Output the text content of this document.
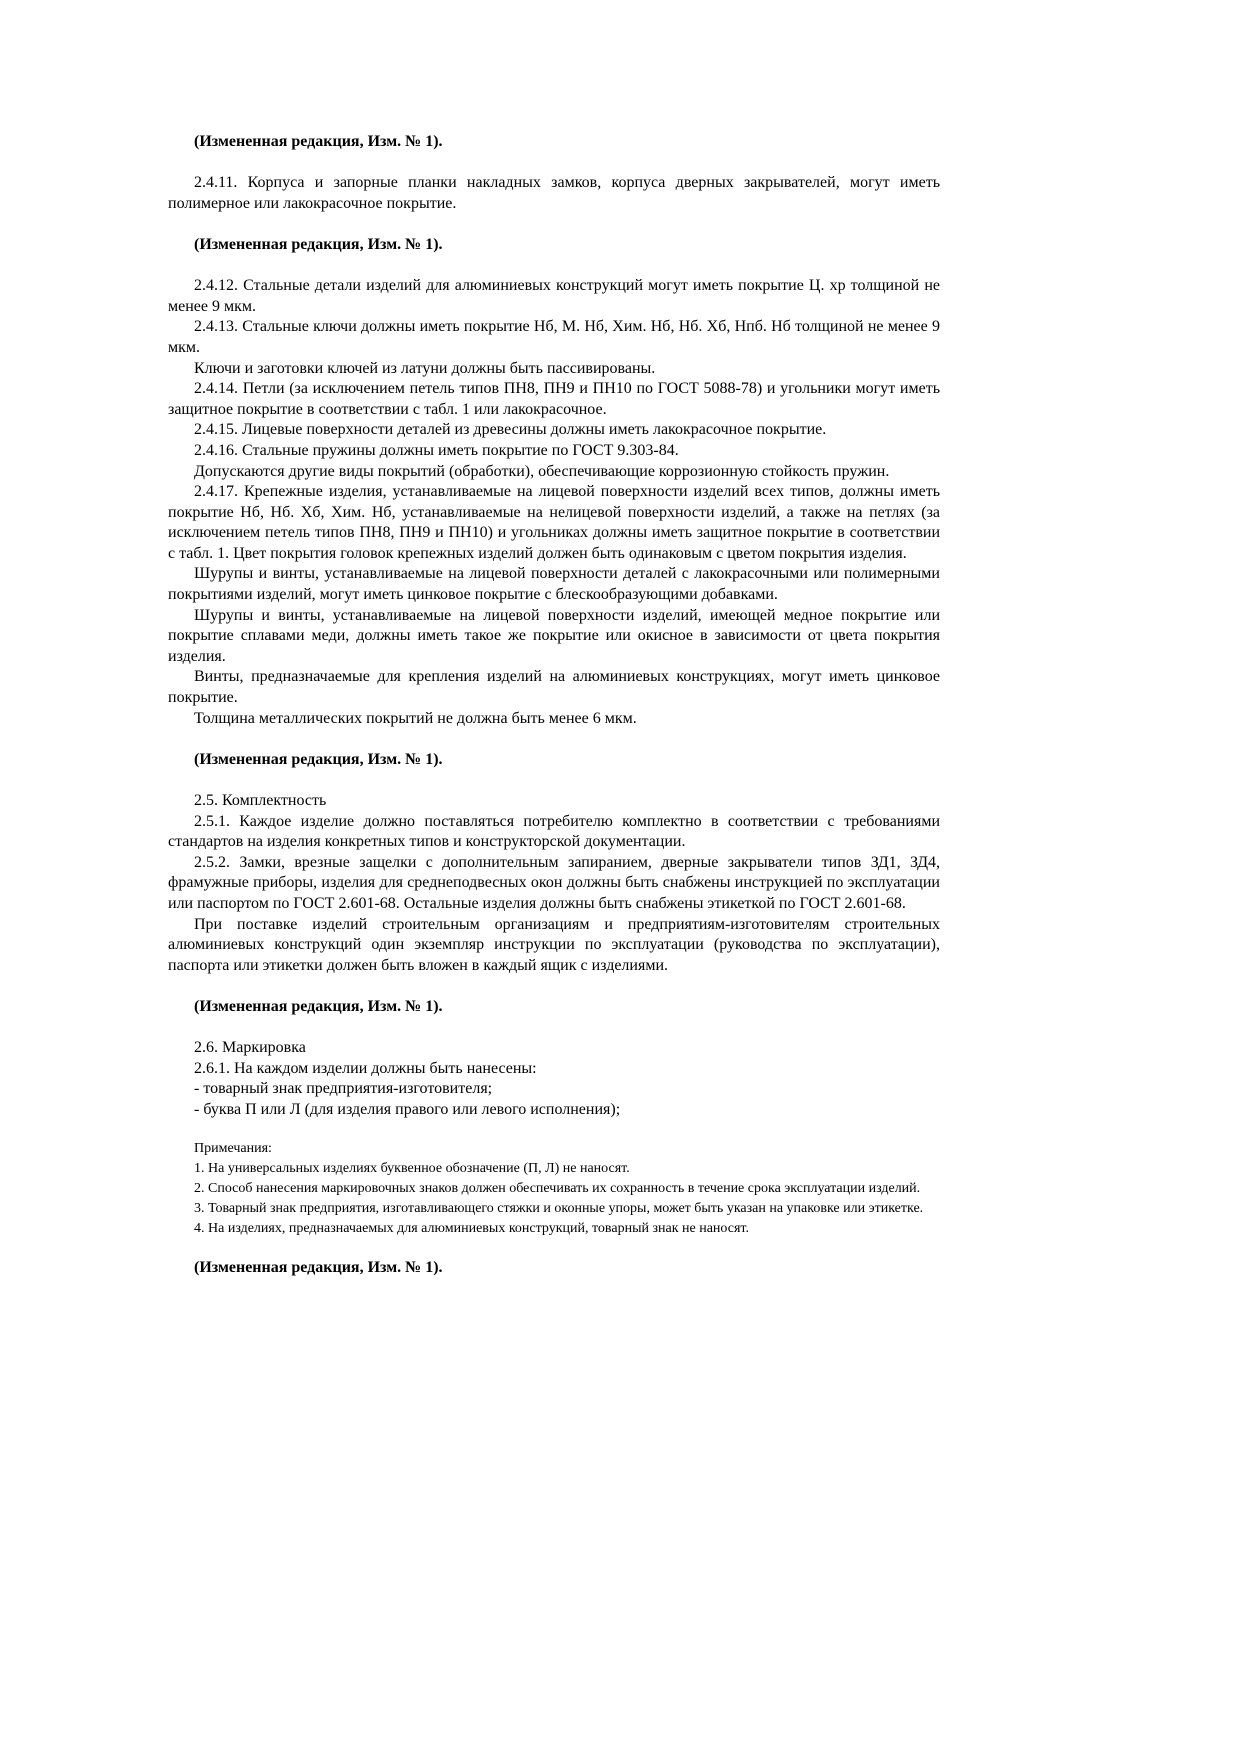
(Измененная редакция, Изм. № 1).

2.4.11. Корпуса и запорные планки накладных замков, корпуса дверных закрывателей, могут иметь полимерное или лакокрасочное покрытие.

(Измененная редакция, Изм. № 1).

2.4.12. Стальные детали изделий для алюминиевых конструкций могут иметь покрытие Ц. хр толщиной не менее 9 мкм.

2.4.13. Стальные ключи должны иметь покрытие Нб, М. Нб, Хим. Нб, Нб. Хб, Нпб. Нб толщиной не менее 9 мкм.

Ключи и заготовки ключей из латуни должны быть пассивированы.

2.4.14. Петли (за исключением петель типов ПН8, ПН9 и ПН10 по ГОСТ 5088-78) и угольники могут иметь защитное покрытие в соответствии с табл. 1 или лакокрасочное.

2.4.15. Лицевые поверхности деталей из древесины должны иметь лакокрасочное покрытие.

2.4.16. Стальные пружины должны иметь покрытие по ГОСТ 9.303-84.

Допускаются другие виды покрытий (обработки), обеспечивающие коррозионную стойкость пружин.

2.4.17. Крепежные изделия, устанавливаемые на лицевой поверхности изделий всех типов, должны иметь покрытие Нб, Нб. Хб, Хим. Нб, устанавливаемые на нелицевой поверхности изделий, а также на петлях (за исключением петель типов ПН8, ПН9 и ПН10) и угольниках должны иметь защитное покрытие в соответствии с табл. 1. Цвет покрытия головок крепежных изделий должен быть одинаковым с цветом покрытия изделия.

Шурупы и винты, устанавливаемые на лицевой поверхности деталей с лакокрасочными или полимерными покрытиями изделий, могут иметь цинковое покрытие с блескообразующими добавками.

Шурупы и винты, устанавливаемые на лицевой поверхности изделий, имеющей медное покрытие или покрытие сплавами меди, должны иметь такое же покрытие или окисное в зависимости от цвета покрытия изделия.

Винты, предназначаемые для крепления изделий на алюминиевых конструкциях, могут иметь цинковое покрытие.

Толщина металлических покрытий не должна быть менее 6 мкм.

(Измененная редакция, Изм. № 1).

2.5. Комплектность

2.5.1. Каждое изделие должно поставляться потребителю комплектно в соответствии с требованиями стандартов на изделия конкретных типов и конструкторской документации.

2.5.2. Замки, врезные защелки с дополнительным запиранием, дверные закрыватели типов ЗД1, ЗД4, фрамужные приборы, изделия для среднеподвесных окон должны быть снабжены инструкцией по эксплуатации или паспортом по ГОСТ 2.601-68. Остальные изделия должны быть снабжены этикеткой по ГОСТ 2.601-68.

При поставке изделий строительным организациям и предприятиям-изготовителям строительных алюминиевых конструкций один экземпляр инструкции по эксплуатации (руководства по эксплуатации), паспорта или этикетки должен быть вложен в каждый ящик с изделиями.

(Измененная редакция, Изм. № 1).

2.6. Маркировка

2.6.1. На каждом изделии должны быть нанесены:

- товарный знак предприятия-изготовителя;

- буква П или Л (для изделия правого или левого исполнения);

Примечания:

1. На универсальных изделиях буквенное обозначение (П, Л) не наносят.

2. Способ нанесения маркировочных знаков должен обеспечивать их сохранность в течение срока эксплуатации изделий.

3. Товарный знак предприятия, изготавливающего стяжки и оконные упоры, может быть указан на упаковке или этикетке.

4. На изделиях, предназначаемых для алюминиевых конструкций, товарный знак не наносят.

(Измененная редакция, Изм. № 1).
